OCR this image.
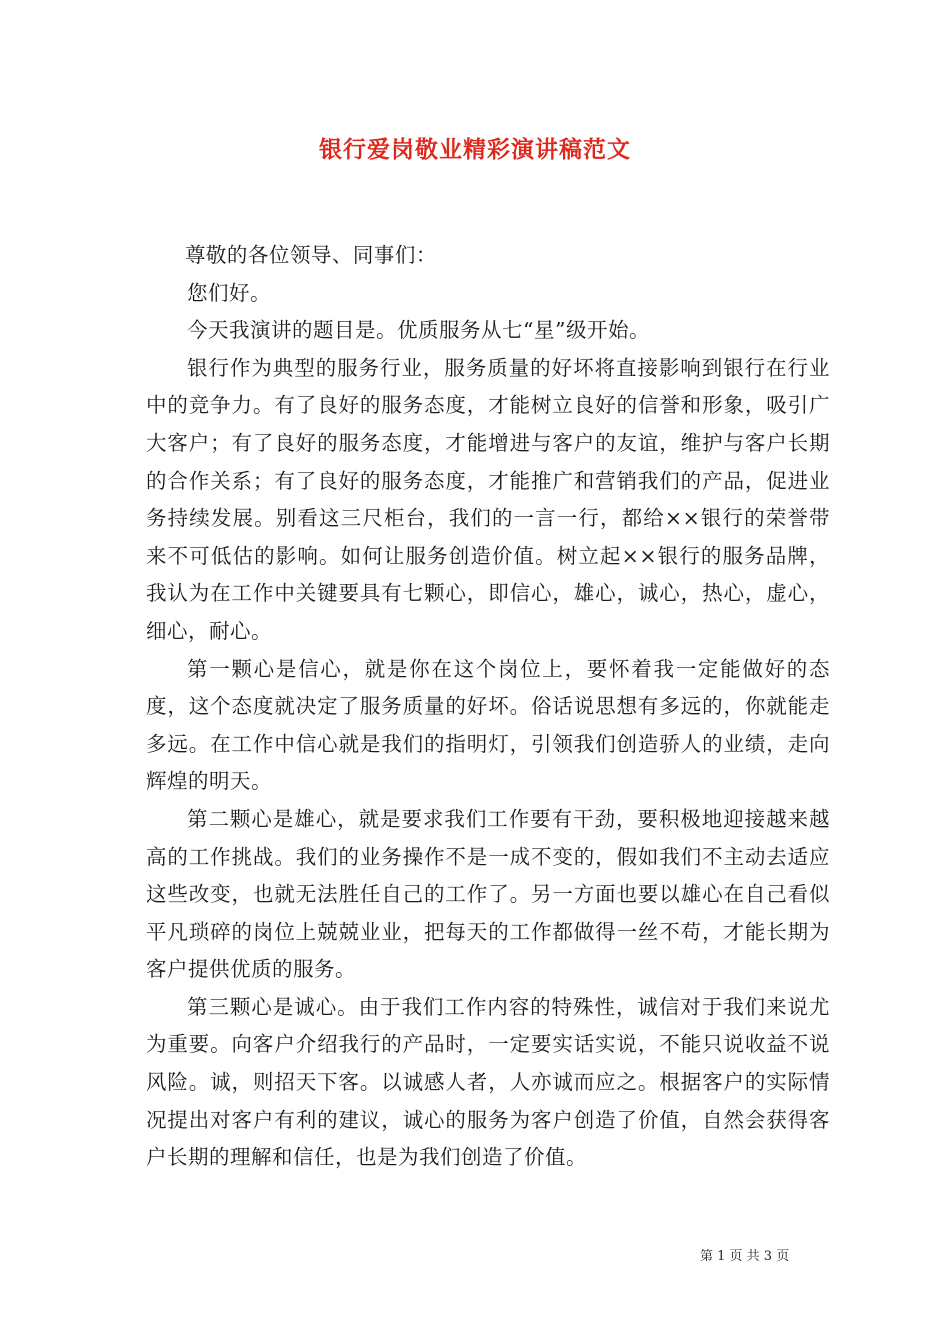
银行爱岗敬业精彩演讲稿范文

尊敬的各位领导、同事们：

您们好。

今天我演讲的题目是。优质服务从七“星”级开始。

银行作为典型的服务行业，服务质量的好坏将直接影响到银行在行业中的竞争力。有了良好的服务态度，才能树立良好的信誉和形象，吸引广大客户；有了良好的服务态度，才能增进与客户的友谊，维护与客户长期的合作关系；有了良好的服务态度，才能推广和营销我们的产品，促进业务持续发展。别看这三尺柜台，我们的一言一行，都给××银行的荣誉带来不可低估的影响。如何让服务创造价值。树立起××银行的服务品牌，我认为在工作中关键要具有七颗心，即信心，雄心，诚心，热心，虚心，细心，耐心。

第一颗心是信心，就是你在这个岗位上，要怀着我一定能做好的态度，这个态度就决定了服务质量的好坏。俗话说思想有多远的，你就能走多远。在工作中信心就是我们的指明灯，引领我们创造骄人的业绩，走向辉煌的明天。

第二颗心是雄心，就是要求我们工作要有干劲，要积极地迎接越来越高的工作挑战。我们的业务操作不是一成不变的，假如我们不主动去适应这些改变，也就无法胜任自己的工作了。另一方面也要以雄心在自己看似平凡琐碎的岗位上兢兢业业，把每天的工作都做得一丝不苟，才能长期为客户提供优质的服务。

第三颗心是诚心。由于我们工作内容的特殊性，诚信对于我们来说尤为重要。向客户介绍我行的产品时，一定要实话实说，不能只说收益不说风险。诚，则招天下客。以诚感人者，人亦诚而应之。根据客户的实际情况提出对客户有利的建议，诚心的服务为客户创造了价值，自然会获得客户长期的理解和信任，也是为我们创造了价值。

第 1 页 共 3 页
